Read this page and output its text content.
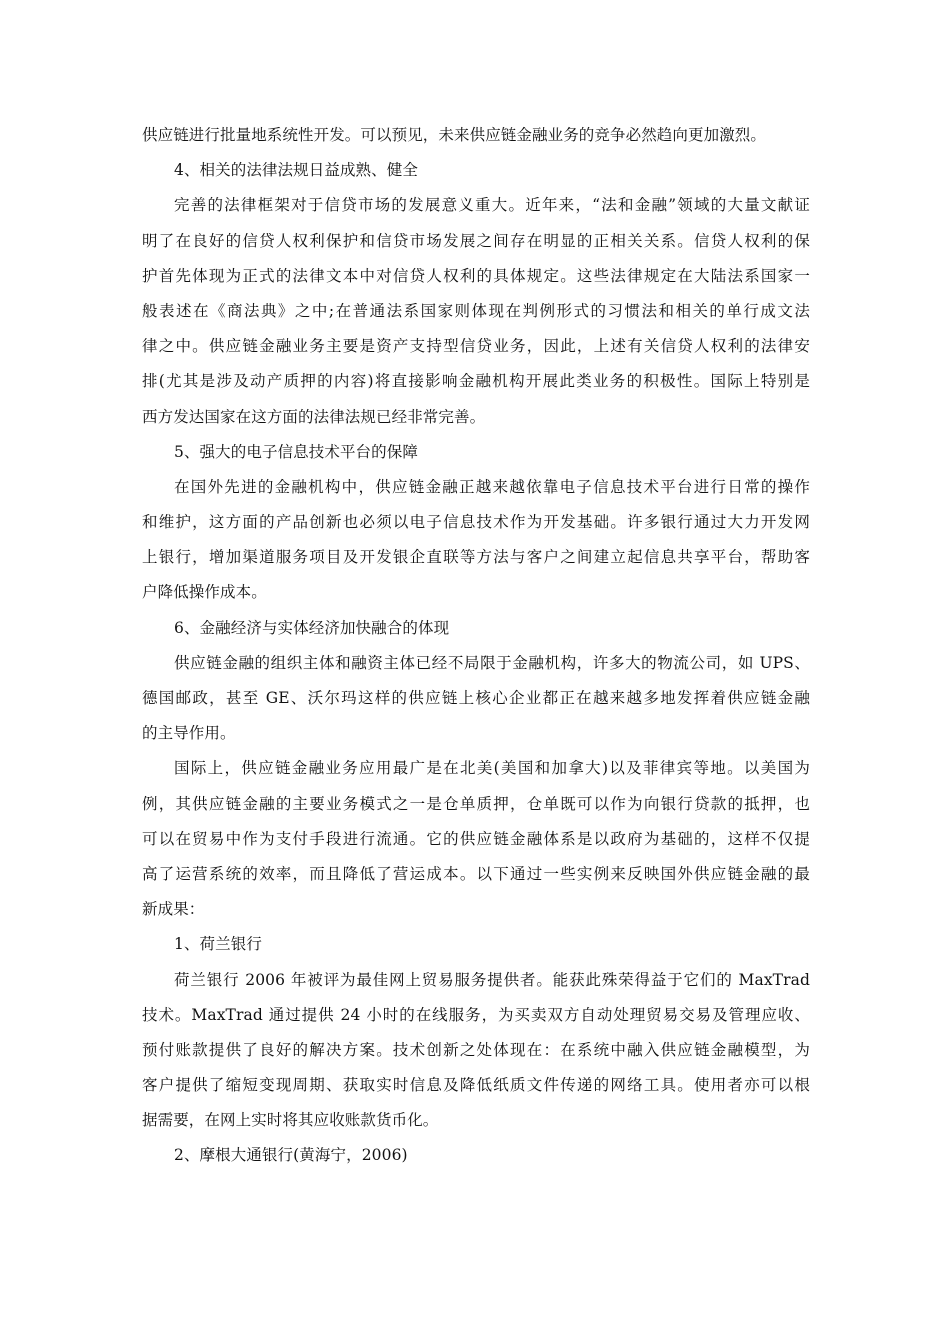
供应链进行批量地系统性开发。可以预见，未来供应链金融业务的竞争必然趋向更加激烈。
4、相关的法律法规日益成熟、健全
完善的法律框架对于信贷市场的发展意义重大。近年来，“法和金融”领域的大量文献证
明了在良好的信贷人权利保护和信贷市场发展之间存在明显的正相关关系。信贷人权利的保
护首先体现为正式的法律文本中对信贷人权利的具体规定。这些法律规定在大陆法系国家一
般表述在《商法典》之中;在普通法系国家则体现在判例形式的习惯法和相关的单行成文法
律之中。供应链金融业务主要是资产支持型信贷业务，因此，上述有关信贷人权利的法律安
排(尤其是涉及动产质押的内容)将直接影响金融机构开展此类业务的积极性。国际上特别是
西方发达国家在这方面的法律法规已经非常完善。
5、强大的电子信息技术平台的保障
在国外先进的金融机构中，供应链金融正越来越依靠电子信息技术平台进行日常的操作
和维护，这方面的产品创新也必须以电子信息技术作为开发基础。许多银行通过大力开发网
上银行，增加渠道服务项目及开发银企直联等方法与客户之间建立起信息共享平台，帮助客
户降低操作成本。
6、金融经济与实体经济加快融合的体现
供应链金融的组织主体和融资主体已经不局限于金融机构，许多大的物流公司，如 UPS、
德国邮政，甚至 GE、沃尔玛这样的供应链上核心企业都正在越来越多地发挥着供应链金融
的主导作用。
国际上，供应链金融业务应用最广是在北美(美国和加拿大)以及菲律宾等地。以美国为
例，其供应链金融的主要业务模式之一是仓单质押，仓单既可以作为向银行贷款的抵押，也
可以在贸易中作为支付手段进行流通。它的供应链金融体系是以政府为基础的，这样不仅提
高了运营系统的效率，而且降低了营运成本。以下通过一些实例来反映国外供应链金融的最
新成果：
1、荷兰银行
荷兰银行 2006 年被评为最佳网上贸易服务提供者。能获此殊荣得益于它们的 MaxTrad
技术。MaxTrad 通过提供 24 小时的在线服务，为买卖双方自动处理贸易交易及管理应收、
预付账款提供了良好的解决方案。技术创新之处体现在：在系统中融入供应链金融模型，为
客户提供了缩短变现周期、获取实时信息及降低纸质文件传递的网络工具。使用者亦可以根
据需要，在网上实时将其应收账款货币化。
2、摩根大通银行(黄海宁，2006)
